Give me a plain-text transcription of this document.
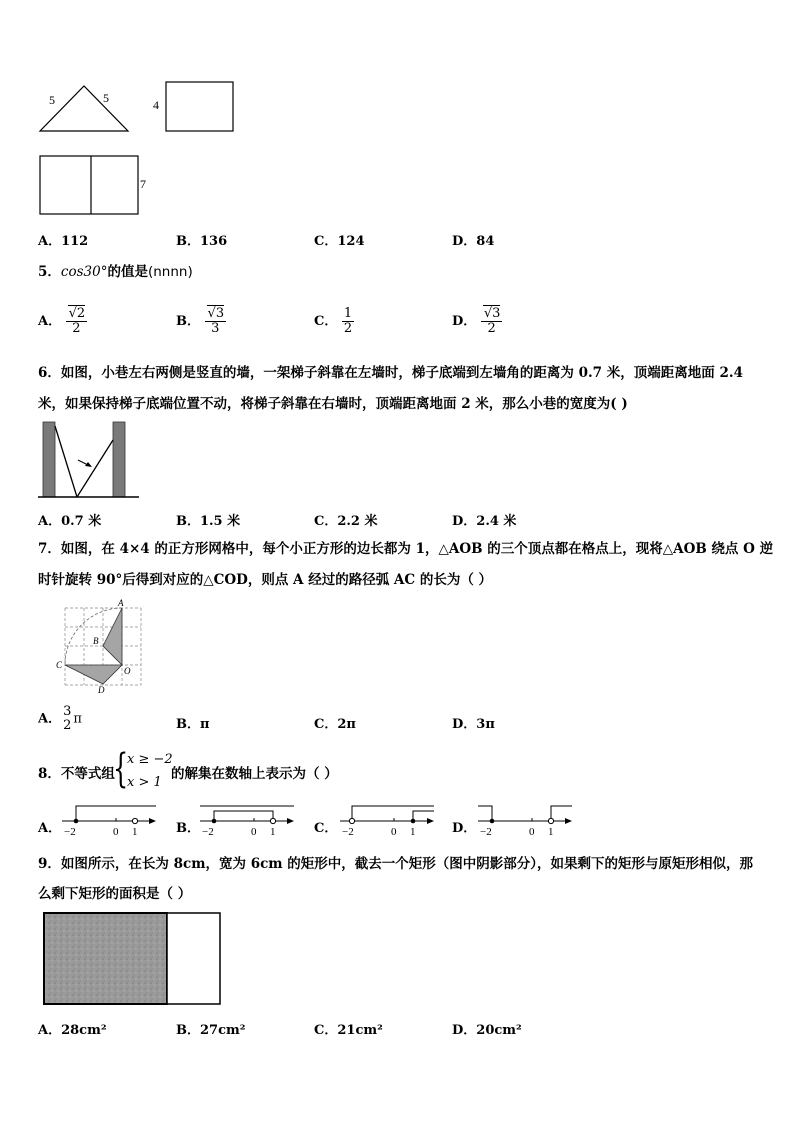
5	5	4
7
A．112	B．136	C．124	D．84
5．cos30°的值是(nnnn)
A． $\frac{√2}{2}$	B． $\frac{√3}{3}$	C． $\frac{1}{2}$	D． $\frac{√3}{2}$
6．如图，小巷左右两侧是竖直的墙，一架梯子斜靠在左墙时，梯子底端到左墙角的距离为 0.7 米，顶端距离地面 2.4
米，如果保持梯子底端位置不动，将梯子斜靠在右墙时，顶端距离地面 2 米，那么小巷的宽度为( )
A．0.7 米	B．1.5 米	C．2.2 米	D．2.4 米
7．如图，在 4×4 的正方形网格中，每个小正方形的边长都为 1，△AOB 的三个顶点都在格点上，现将△AOB 绕点 O 逆
时针旋转 90°后得到对应的△COD，则点 A 经过的路径弧 AC 的长为（ ）
A
B
C
D
O
A． 3
2 π	B．π	C．2π	D．3π
8．不等式组
{
x ≥ −2
x > 1
的解集在数轴上表示为（ ）
A．	B．	C．	D．
−2	0 1	−2	0 1	−2	0 1	−2	0 1
9．如图所示，在长为 8cm，宽为 6cm 的矩形中，截去一个矩形（图中阴影部分），如果剩下的矩形与原矩形相似，那
么剩下矩形的面积是（ ）
A．28cm²	B．27cm²	C．21cm²	D．20cm²
